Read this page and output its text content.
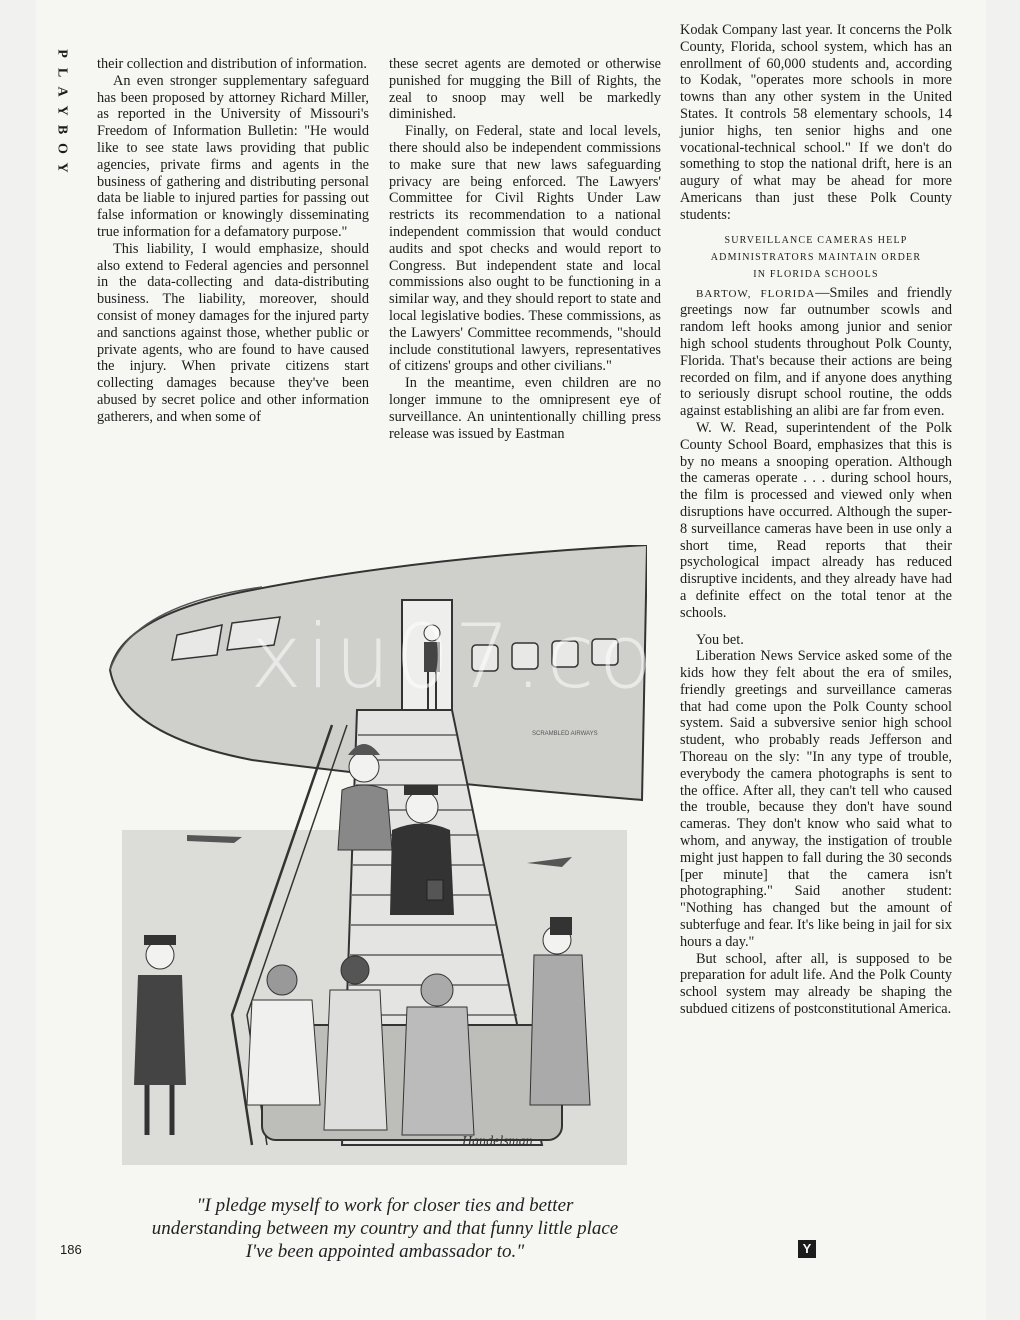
P
L
A
Y
B
O
Y

their collection and distribution of information.

An even stronger supplementary safeguard has been proposed by attorney Richard Miller, as reported in the University of Missouri's Freedom of Information Bulletin: "He would like to see state laws providing that public agencies, private firms and agents in the business of gathering and distributing personal data be liable to injured parties for passing out false information or knowingly disseminating true information for a defamatory purpose."

This liability, I would emphasize, should also extend to Federal agencies and personnel in the data-collecting and data-distributing business. The liability, moreover, should consist of money damages for the injured party and sanctions against those, whether public or private agents, who are found to have caused the injury. When private citizens start collecting damages because they've been abused by secret police and other information gatherers, and when some of

these secret agents are demoted or otherwise punished for mugging the Bill of Rights, the zeal to snoop may well be markedly diminished.

Finally, on Federal, state and local levels, there should also be independent commissions to make sure that new laws safeguarding privacy are being enforced. The Lawyers' Committee for Civil Rights Under Law restricts its recommendation to a national independent commission that would conduct audits and spot checks and would report to Congress. But independent state and local commissions also ought to be functioning in a similar way, and they should report to state and local legislative bodies. These commissions, as the Lawyers' Committee recommends, "should include constitutional lawyers, representatives of citizens' groups and other civilians."

In the meantime, even children are no longer immune to the omnipresent eye of surveillance. An unintentionally chilling press release was issued by Eastman

Kodak Company last year. It concerns the Polk County, Florida, school system, which has an enrollment of 60,000 students and, according to Kodak, "operates more schools in more towns than any other system in the United States. It controls 58 elementary schools, 14 junior highs, ten senior highs and one vocational-technical school." If we don't do something to stop the national drift, here is an augury of what may be ahead for more Americans than just these Polk County students:

SURVEILLANCE CAMERAS HELP
ADMINISTRATORS MAINTAIN ORDER
IN FLORIDA SCHOOLS

BARTOW, FLORIDA—Smiles and friendly greetings now far outnumber scowls and random left hooks among junior and senior high school students throughout Polk County, Florida. That's because their actions are being recorded on film, and if anyone does anything to seriously disrupt school routine, the odds against establishing an alibi are far from even.

W. W. Read, superintendent of the Polk County School Board, emphasizes that this is by no means a snooping operation. Although the cameras operate . . . during school hours, the film is processed and viewed only when disruptions have occurred. Although the super-8 surveillance cameras have been in use only a short time, Read reports that their psychological impact already has reduced disruptive incidents, and they already have had a definite effect on the total tenor at the schools.

You bet.

Liberation News Service asked some of the kids how they felt about the era of smiles, friendly greetings and surveillance cameras that had come upon the Polk County school system. Said a subversive senior high school student, who probably reads Jefferson and Thoreau on the sly: "In any type of trouble, everybody the camera photographs is sent to the office. After all, they can't tell who caused the trouble, because they don't have sound cameras. They don't know who said what to whom, and anyway, the instigation of trouble might just happen to fall during the 30 seconds [per minute] that the camera isn't photographing." Said another student: "Nothing has changed but the amount of subterfuge and fear. It's like being in jail for six hours a day."

But school, after all, is supposed to be preparation for adult life. And the Polk County school system may already be shaping the subdued citizens of postconstitutional America.

SCRAMBLED AIRWAYS
Handelsman
xiu07.co
"I pledge myself to work for closer ties and better understanding between my country and that funny little place I've been appointed ambassador to."
186	Y
